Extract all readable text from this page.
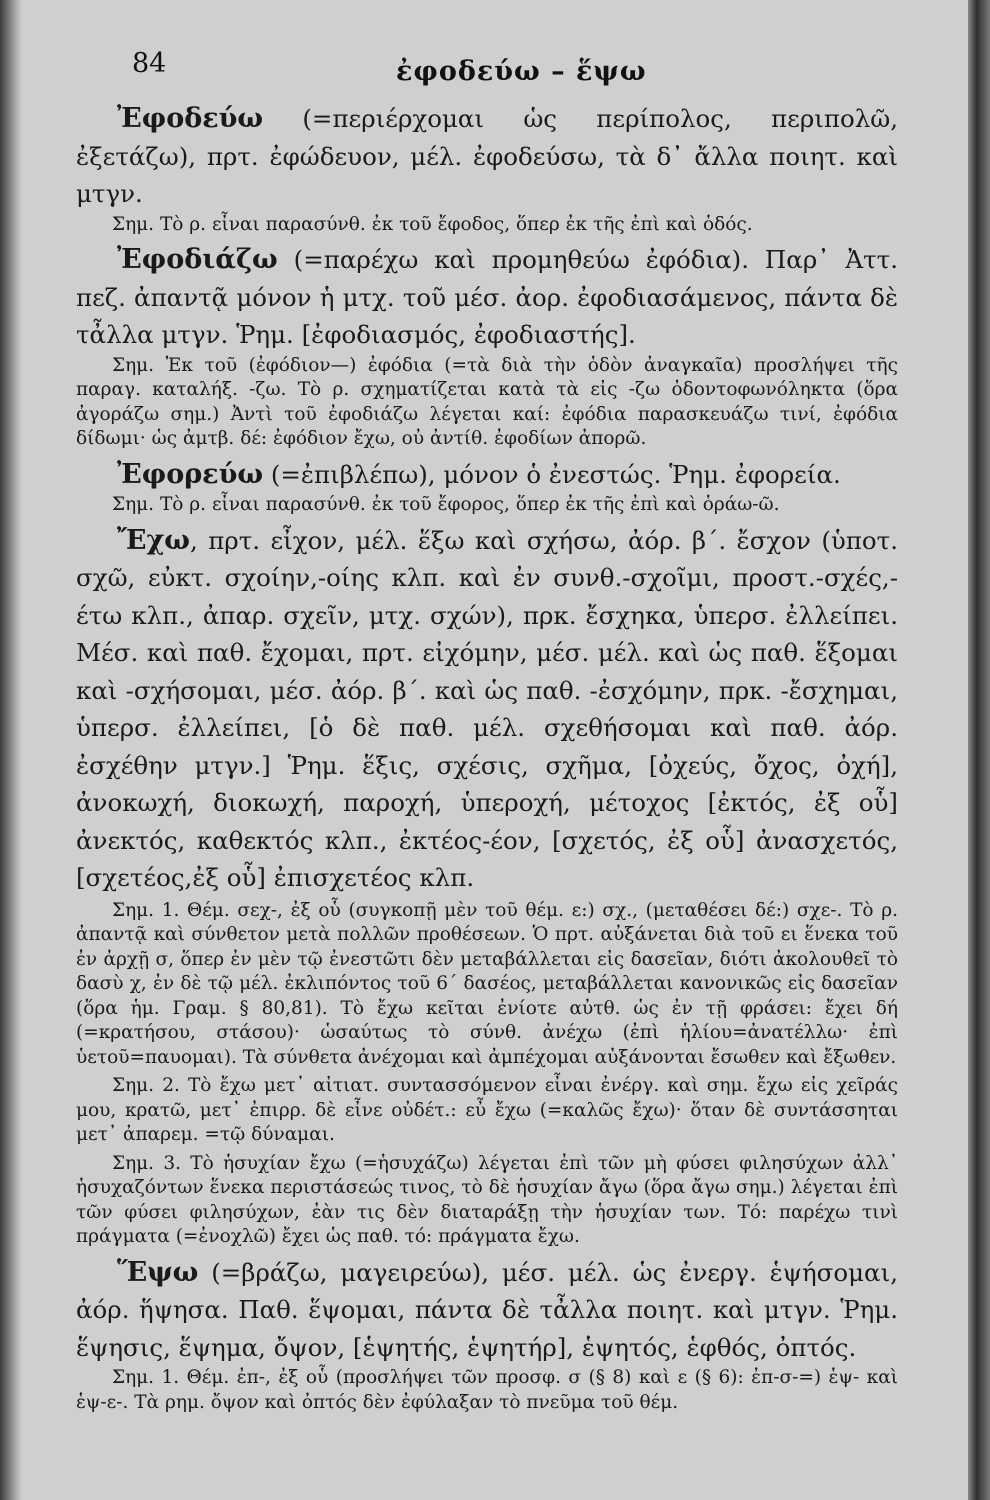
84	ἐφοδεύω – ἕψω

Ἐφοδεύω (=περιέρχομαι ὡς περίπολος, περιπολῶ, ἐξετάζω), πρτ. ἐφώδευον, μέλ. ἐφοδεύσω, τὰ δ᾽ ἄλλα ποιητ. καὶ μτγν.

Σημ. Τὸ ρ. εἶναι παρασύνθ. ἐκ τοῦ ἔφοδος, ὅπερ ἐκ τῆς ἐπὶ καὶ ὁδός.

Ἐφοδιάζω (=παρέχω καὶ προμηθεύω ἐφόδια). Παρ᾽ Ἀττ. πεζ. ἀπαντᾷ μόνον ἡ μτχ. τοῦ μέσ. ἀορ. ἐφοδιασάμενος, πάντα δὲ τἆλλα μτγν. Ῥημ. [ἐφοδιασμός, ἐφοδιαστής].

Σημ. Ἐκ τοῦ (ἐφόδιον—) ἐφόδια (=τὰ διὰ τὴν ὁδὸν ἀναγκαῖα) προσλήψει τῆς παραγ. καταλήξ. -ζω. Τὸ ρ. σχηματίζεται κατὰ τὰ εἰς -ζω ὀδοντοφωνόληκτα (ὅρα ἀγοράζω σημ.) Ἀντὶ τοῦ ἐφοδιάζω λέγεται καί: ἐφόδια παρασκευάζω τινί, ἐφόδια δίδωμι· ὡς ἀμτβ. δέ: ἐφόδιον ἔχω, οὐ ἀντίθ. ἐφοδίων ἀπορῶ.

Ἐφορεύω (=ἐπιβλέπω), μόνον ὁ ἐνεστώς. Ῥημ. ἐφορεία.

Σημ. Τὸ ρ. εἶναι παρασύνθ. ἐκ τοῦ ἔφορος, ὅπερ ἐκ τῆς ἐπὶ καὶ ὁράω-ῶ.

Ἔχω, πρτ. εἶχον, μέλ. ἕξω καὶ σχήσω, ἀόρ. β΄. ἔσχον (ὑποτ. σχῶ, εὐκτ. σχοίην,-οίης κλπ. καὶ ἐν συνθ.-σχοῖμι, προστ.-σχές,-έτω κλπ., ἀπαρ. σχεῖν, μτχ. σχών), πρκ. ἔσχηκα, ὑπερσ. ἐλλείπει. Μέσ. καὶ παθ. ἔχομαι, πρτ. εἰχόμην, μέσ. μέλ. καὶ ὡς παθ. ἕξομαι καὶ -σχήσομαι, μέσ. ἀόρ. β΄. καὶ ὡς παθ. -ἐσχόμην, πρκ. -ἔσχημαι, ὑπερσ. ἐλλείπει, [ὁ δὲ παθ. μέλ. σχεθήσομαι καὶ παθ. ἀόρ. ἐσχέθην μτγν.] Ῥημ. ἕξις, σχέσις, σχῆμα, [ὀχεύς, ὄχος, ὀχή], ἀνοκωχή, διοκωχή, παροχή, ὑπεροχή, μέτοχος [ἐκτός, ἐξ οὗ] ἀνεκτός, καθεκτός κλπ., ἐκτέος-έον, [σχετός, ἐξ οὗ] ἀνασχετός, [σχετέος,ἐξ οὗ] ἐπισχετέος κλπ.

Σημ. 1. Θέμ. σεχ-, ἐξ οὗ (συγκοπῇ μὲν τοῦ θέμ. ε:) σχ., (μεταθέσει δέ:) σχε-. Τὸ ρ. ἀπαντᾷ καὶ σύνθετον μετὰ πολλῶν προθέσεων. Ὁ πρτ. αὐξάνεται διὰ τοῦ ει ἕνεκα τοῦ ἐν ἀρχῇ σ, ὅπερ ἐν μὲν τῷ ἐνεστῶτι δὲν μεταβάλλεται εἰς δασεῖαν, διότι ἀκολουθεῖ τὸ δασὺ χ, ἐν δὲ τῷ μέλ. ἐκλιπόντος τοῦ 6΄ δασέος, μεταβάλλεται κανονικῶς εἰς δασεῖαν (ὅρα ἡμ. Γραμ. § 80,81). Τὸ ἔχω κεῖται ἐνίοτε αὐτθ. ὡς ἐν τῇ φράσει: ἔχει δή (=κρατήσου, στάσου)· ὡσαύτως τὸ σύνθ. ἀνέχω (ἐπὶ ἡλίου=ἀνατέλλω· ἐπὶ ὑετοῦ=παυομαι). Τὰ σύνθετα ἀνέχομαι καὶ ἀμπέχομαι αὐξάνονται ἔσωθεν καὶ ἔξωθεν.

Σημ. 2. Τὸ ἔχω μετ᾽ αἰτιατ. συντασσόμενον εἶναι ἐνέργ. καὶ σημ. ἔχω εἰς χεῖράς μου, κρατῶ, μετ᾽ ἐπιρρ. δὲ εἶνε οὐδέτ.: εὖ ἔχω (=καλῶς ἔχω)· ὅταν δὲ συντάσσηται μετ᾽ ἀπαρεμ. =τῷ δύναμαι.

Σημ. 3. Τὸ ἡσυχίαν ἔχω (=ἡσυχάζω) λέγεται ἐπὶ τῶν μὴ φύσει φιλησύχων ἀλλ᾽ ἡσυχαζόντων ἕνεκα περιστάσεώς τινος, τὸ δὲ ἡσυχίαν ἄγω (ὅρα ἄγω σημ.) λέγεται ἐπὶ τῶν φύσει φιλησύχων, ἐὰν τις δὲν διαταράξῃ τὴν ἡσυχίαν των. Τό: παρέχω τινὶ πράγματα (=ἐνοχλῶ) ἔχει ὡς παθ. τό: πράγματα ἔχω.

Ἕψω (=βράζω, μαγειρεύω), μέσ. μέλ. ὡς ἐνεργ. ἑψήσομαι, ἀόρ. ἥψησα. Παθ. ἕψομαι, πάντα δὲ τἆλλα ποιητ. καὶ μτγν. Ῥημ. ἕψησις, ἕψημα, ὄψον, [ἑψητής, ἑψητήρ], ἑψητός, ἑφθός, ὀπτός.

Σημ. 1. Θέμ. ἐπ-, ἐξ οὗ (προσλήψει τῶν προσφ. σ (§ 8) καὶ ε (§ 6): ἐπ-σ-=) ἑψ- καὶ ἑψ-ε-. Τὰ ρημ. ὄψον καὶ ὀπτός δὲν ἐφύλαξαν τὸ πνεῦμα τοῦ θέμ.
